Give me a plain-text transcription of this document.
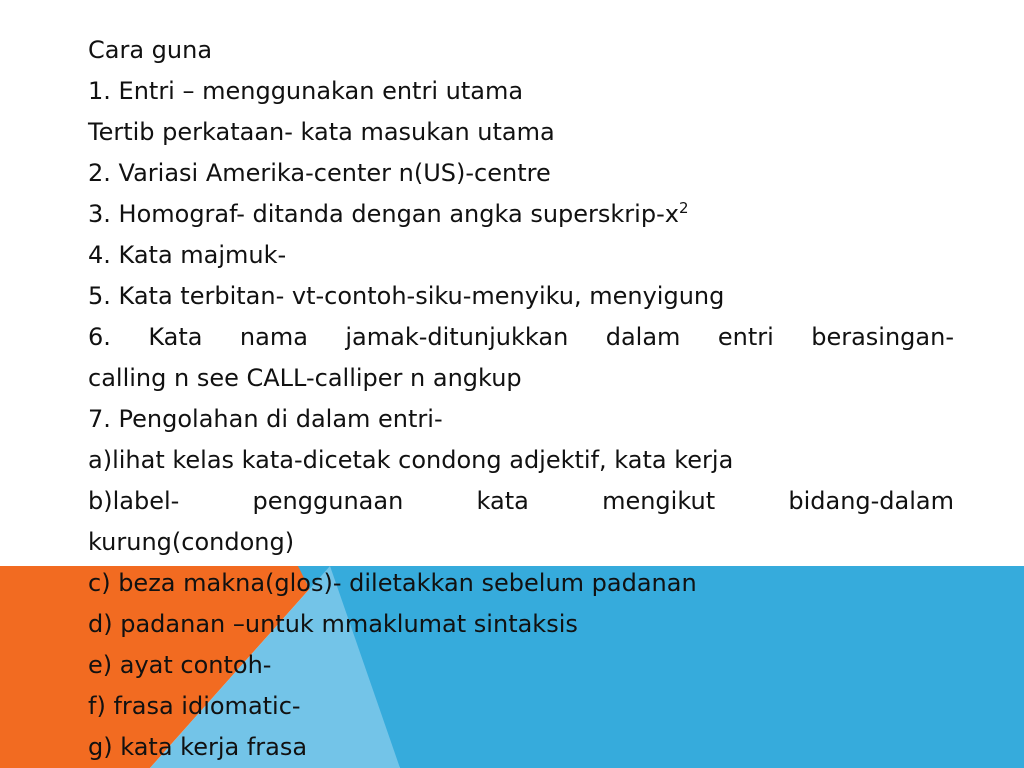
Cara guna

1. Entri – menggunakan entri utama

Tertib perkataan- kata masukan utama

2. Variasi Amerika-center n(US)-centre

3. Homograf- ditanda dengan angka superskrip-$x^2$

4. Kata majmuk-

5. Kata terbitan- vt-contoh-siku-menyiku, menyigung

6. Kata nama jamak-ditunjukkan dalam entri berasingan-

calling n see CALL-calliper n angkup

7. Pengolahan di dalam entri-

a)lihat kelas kata-dicetak condong adjektif, kata kerja

b)label- penggunaan kata mengikut bidang-dalam

kurung(condong)

c) beza makna(glos)- diletakkan sebelum padanan

d) padanan –untuk mmaklumat sintaksis

e) ayat contoh-

f) frasa idiomatic-

g) kata kerja frasa
